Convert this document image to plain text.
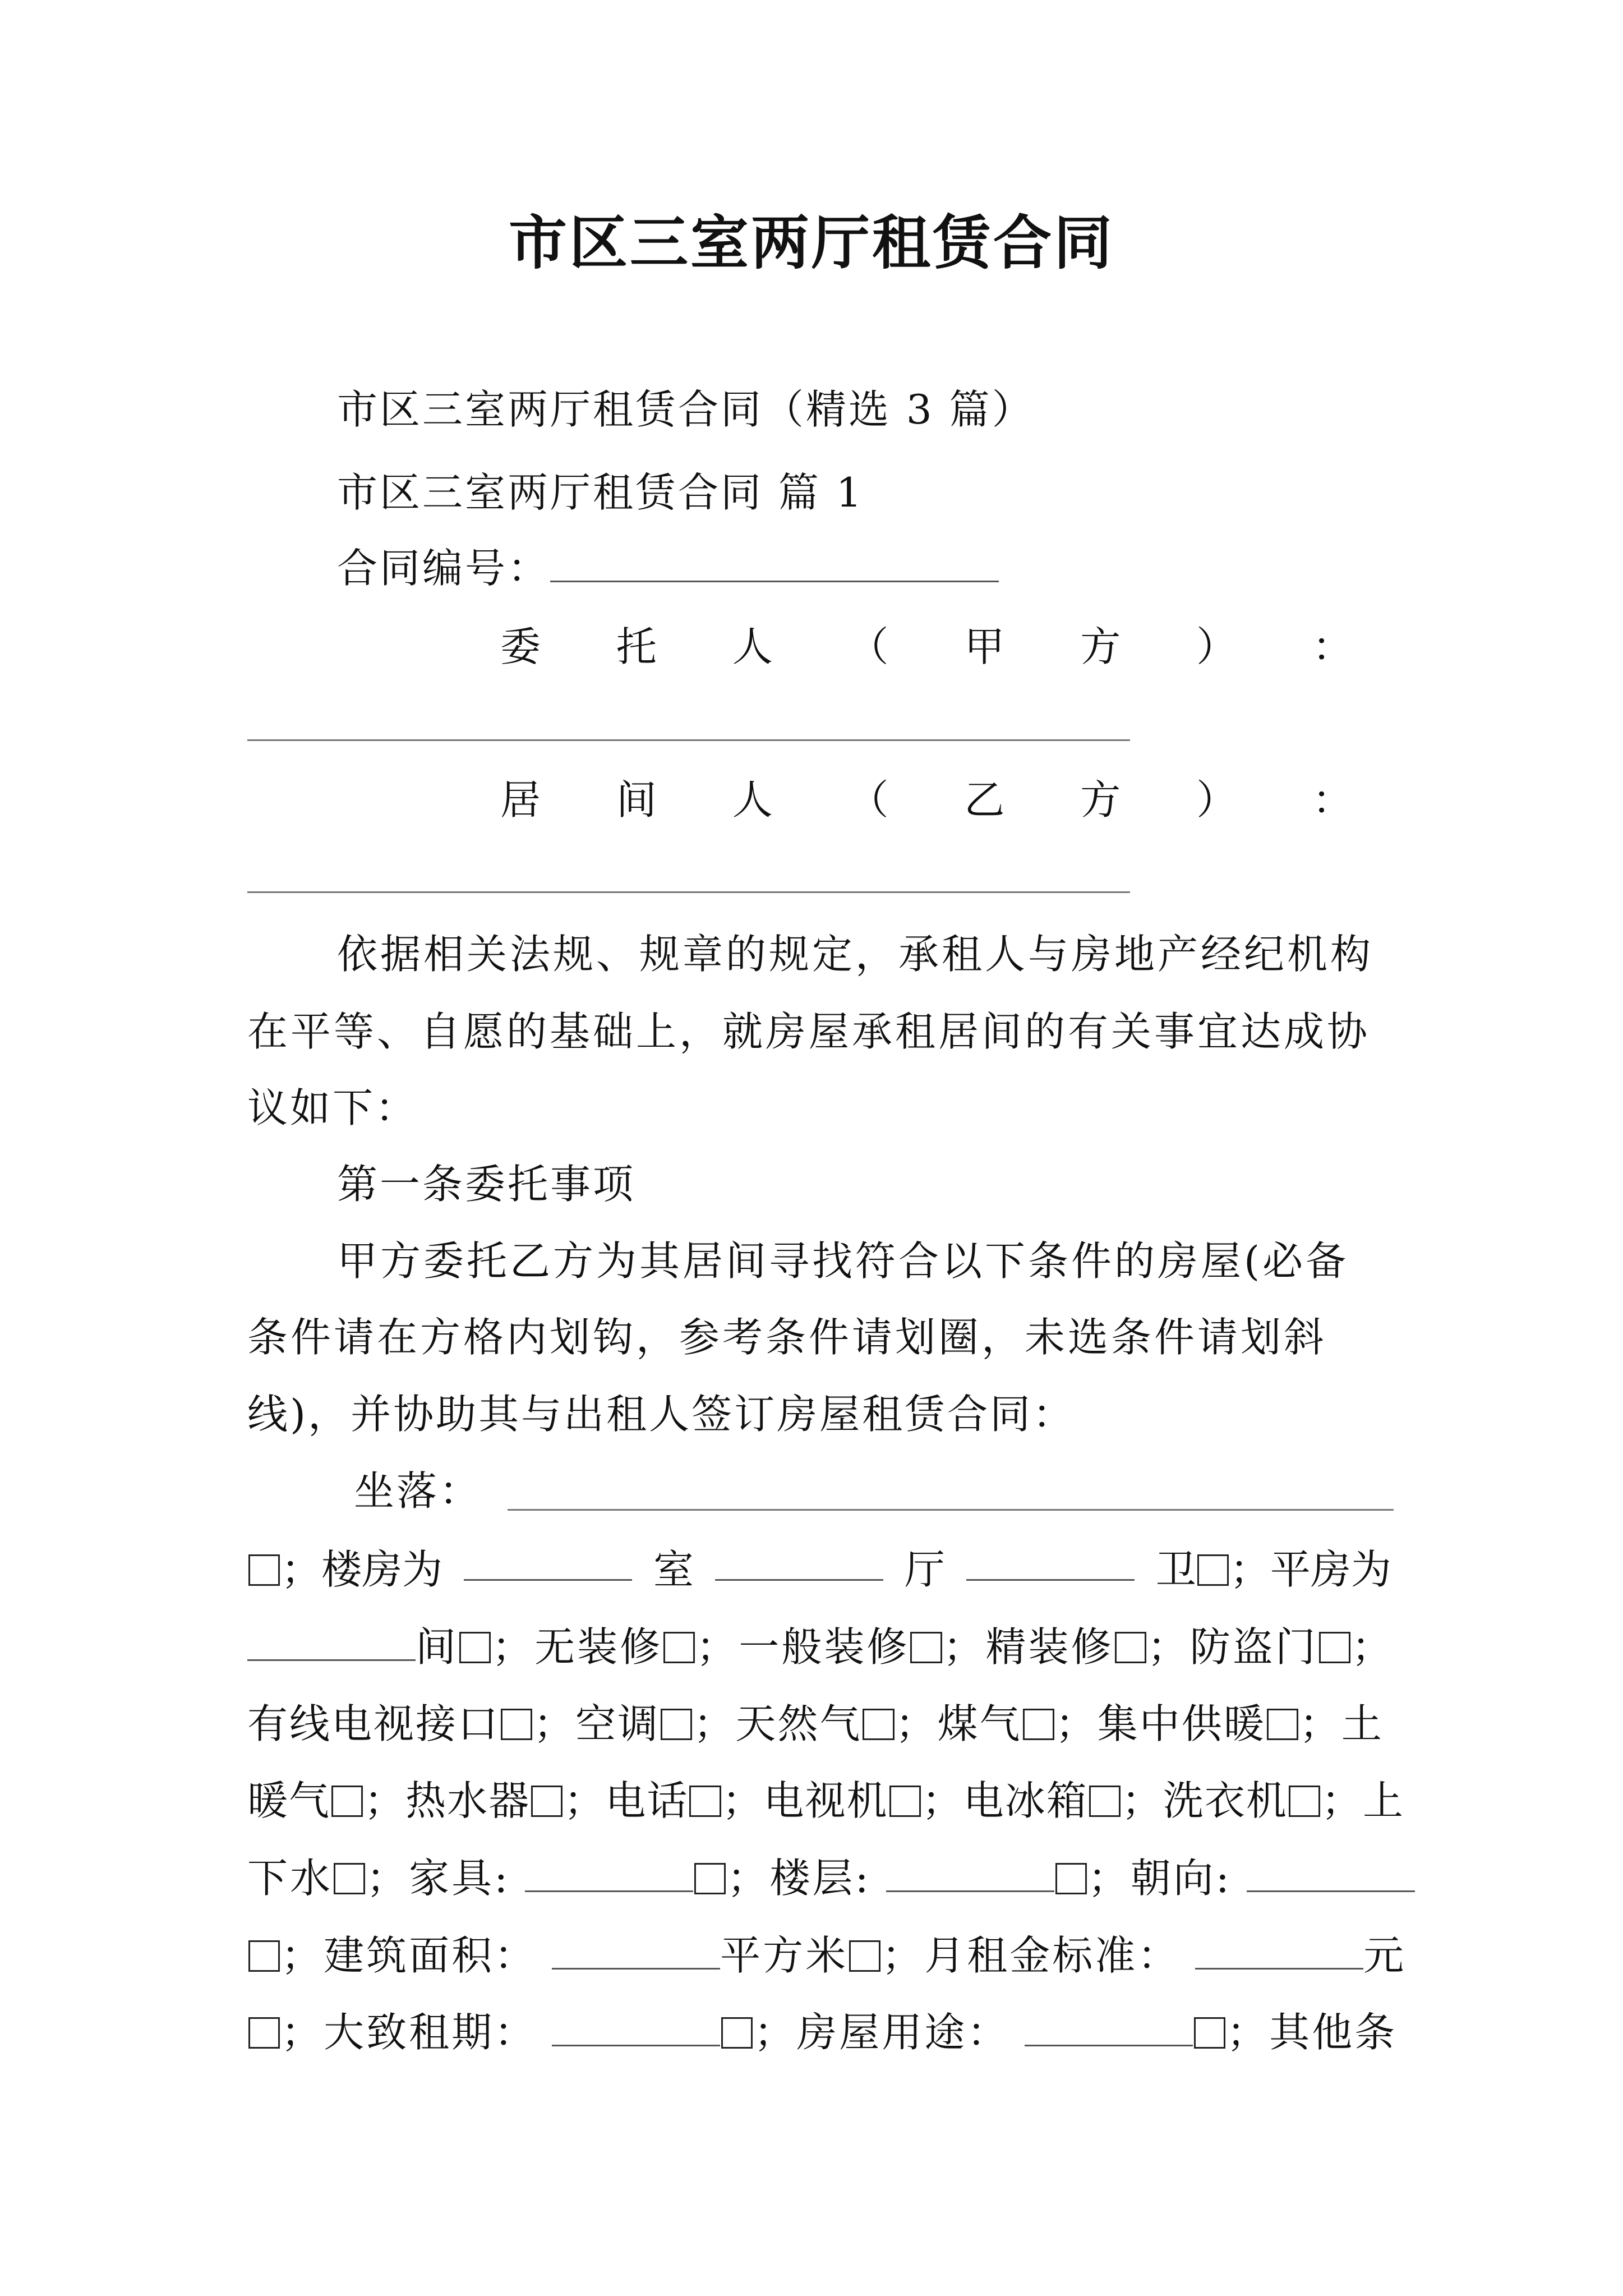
市区三室两厅租赁合同
市区三室两厅租赁合同（精选 3 篇）
市区三室两厅租赁合同 篇 1
合同编号：
委 托 人 （ 甲 方 ） ：
居 间 人 （ 乙 方 ） ：
依据相关法规、规章的规定，承租人与房地产经纪机构
在平等、自愿的基础上，就房屋承租居间的有关事宜达成协
议如下：
第一条委托事项
甲方委托乙方为其居间寻找符合以下条件的房屋(必备
条件请在方格内划钩，参考条件请划圈，未选条件请划斜
线)，并协助其与出租人签订房屋租赁合同：
坐落：
；楼房为	室	厅	卫 ；平房为
间 ；无装修 ；一般装修 ；精装修 ；防盗门 ；
有线电视接口 ；空调 ；天然气 ；煤气 ；集中供暖 ；土
暖气 ；热水器 ；电话 ；电视机 ；电冰箱 ；洗衣机 ；上
下水 ；家具:	；楼层:	；朝向:
；建筑面积：	平方米 ；月租金标准：	元
；大致租期：	；房屋用途：	；其他条
